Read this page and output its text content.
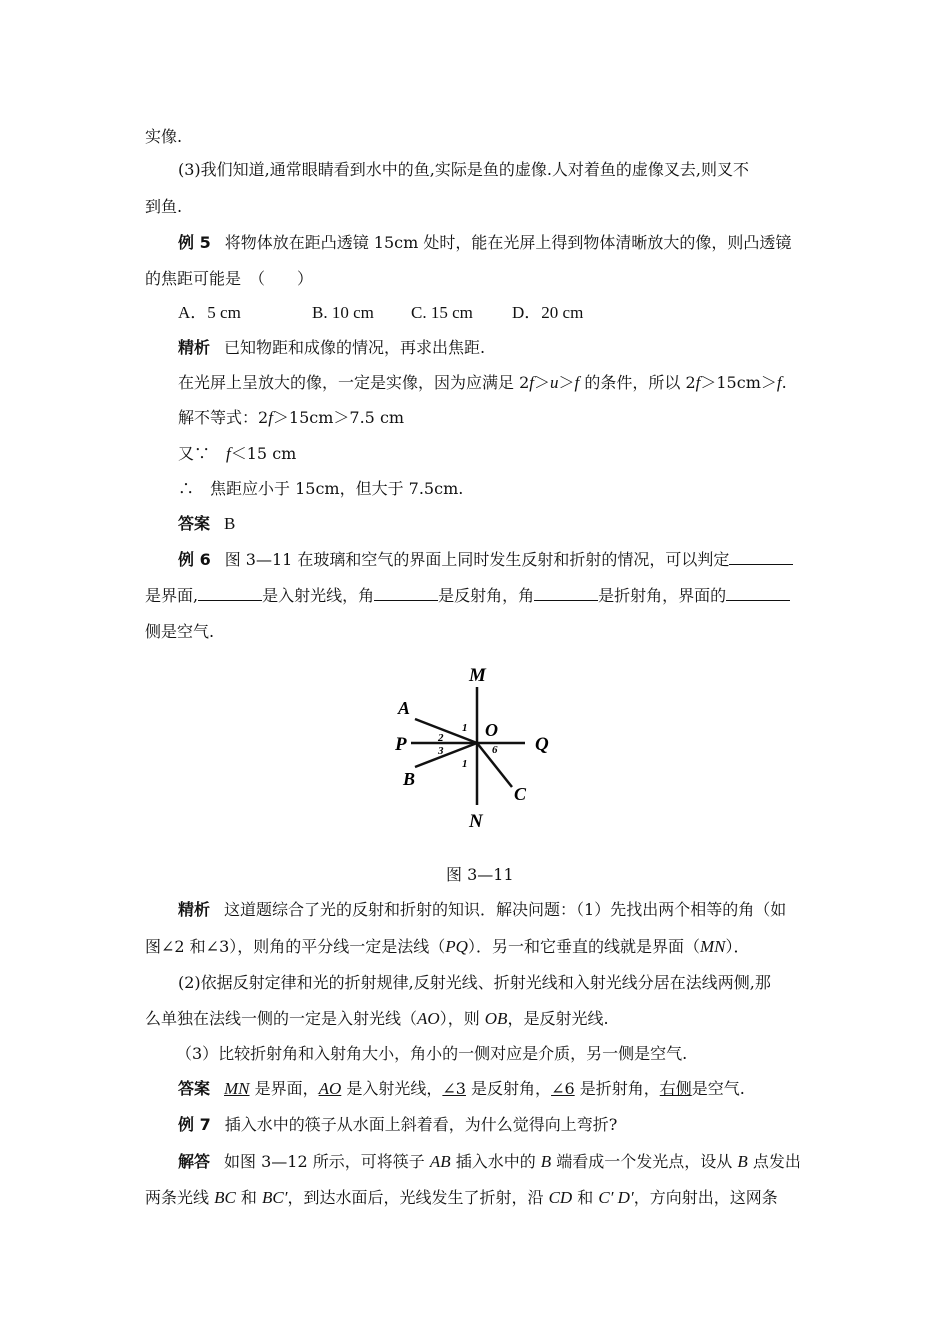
实像.
(3)我们知道,通常眼睛看到水中的鱼,实际是鱼的虚像.人对着鱼的虚像叉去,则叉不
到鱼.
例 5 将物体放在距凸透镜 15cm 处时，能在光屏上得到物体清晰放大的像，则凸透镜
的焦距可能是　（　　）
A．5 cm	B. 10 cm C. 15 cm D．20 cm
精析 已知物距和成像的情况，再求出焦距.
在光屏上呈放大的像，一定是实像，因为应满足 2f＞u＞f 的条件，所以 2f＞15cm＞f.
解不等式：2f＞15cm＞7.5 cm
又∵　f＜15 cm
∴　焦距应小于 15cm，但大于 7.5cm.
答案 B
例 6 图 3—11 在玻璃和空气的界面上同时发生反射和折射的情况，可以判定
是界面,	是入射光线，角	是反射角，角	是折射角，界面的
侧是空气.
M
N
P	Q
A
B
C
O
1
2
3
1
6
图 3—11
精析 这道题综合了光的反射和折射的知识．解决问题：（1）先找出两个相等的角（如
图∠2 和∠3），则角的平分线一定是法线（PQ）．另一和它垂直的线就是界面（MN）．
(2)依据反射定律和光的折射规律,反射光线、折射光线和入射光线分居在法线两侧,那
么单独在法线一侧的一定是入射光线（AO），则 OB，是反射光线.
（3）比较折射角和入射角大小，角小的一侧对应是介质，另一侧是空气.
答案 MN 是界面，AO 是入射光线，∠3 是反射角，∠6 是折射角，右侧是空气.
例 7 插入水中的筷子从水面上斜着看，为什么觉得向上弯折?
解答 如图 3—12 所示，可将筷子 AB 插入水中的 B 端看成一个发光点，设从 B 点发出
两条光线 BC 和 BC′，到达水面后，光线发生了折射，沿 CD 和 C′ D′，方向射出，这网条
